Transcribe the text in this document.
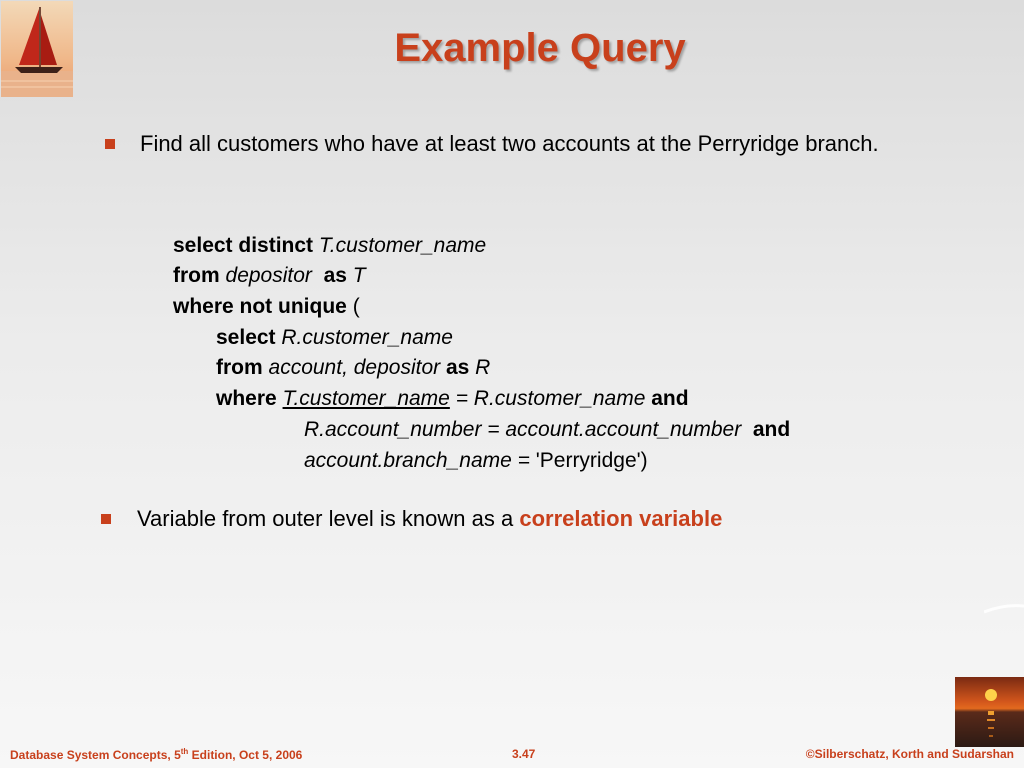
Example Query
Find all customers who have at least two accounts at the Perryridge branch.
select distinct T.customer_name
from depositor as T
where not unique (
select R.customer_name
from account, depositor as R
where T.customer_name = R.customer_name and
R.account_number = account.account_number and
account.branch_name = 'Perryridge')
Variable from outer level is known as a correlation variable
Database System Concepts, 5th Edition, Oct 5, 2006	3.47	©Silberschatz, Korth and Sudarshan
